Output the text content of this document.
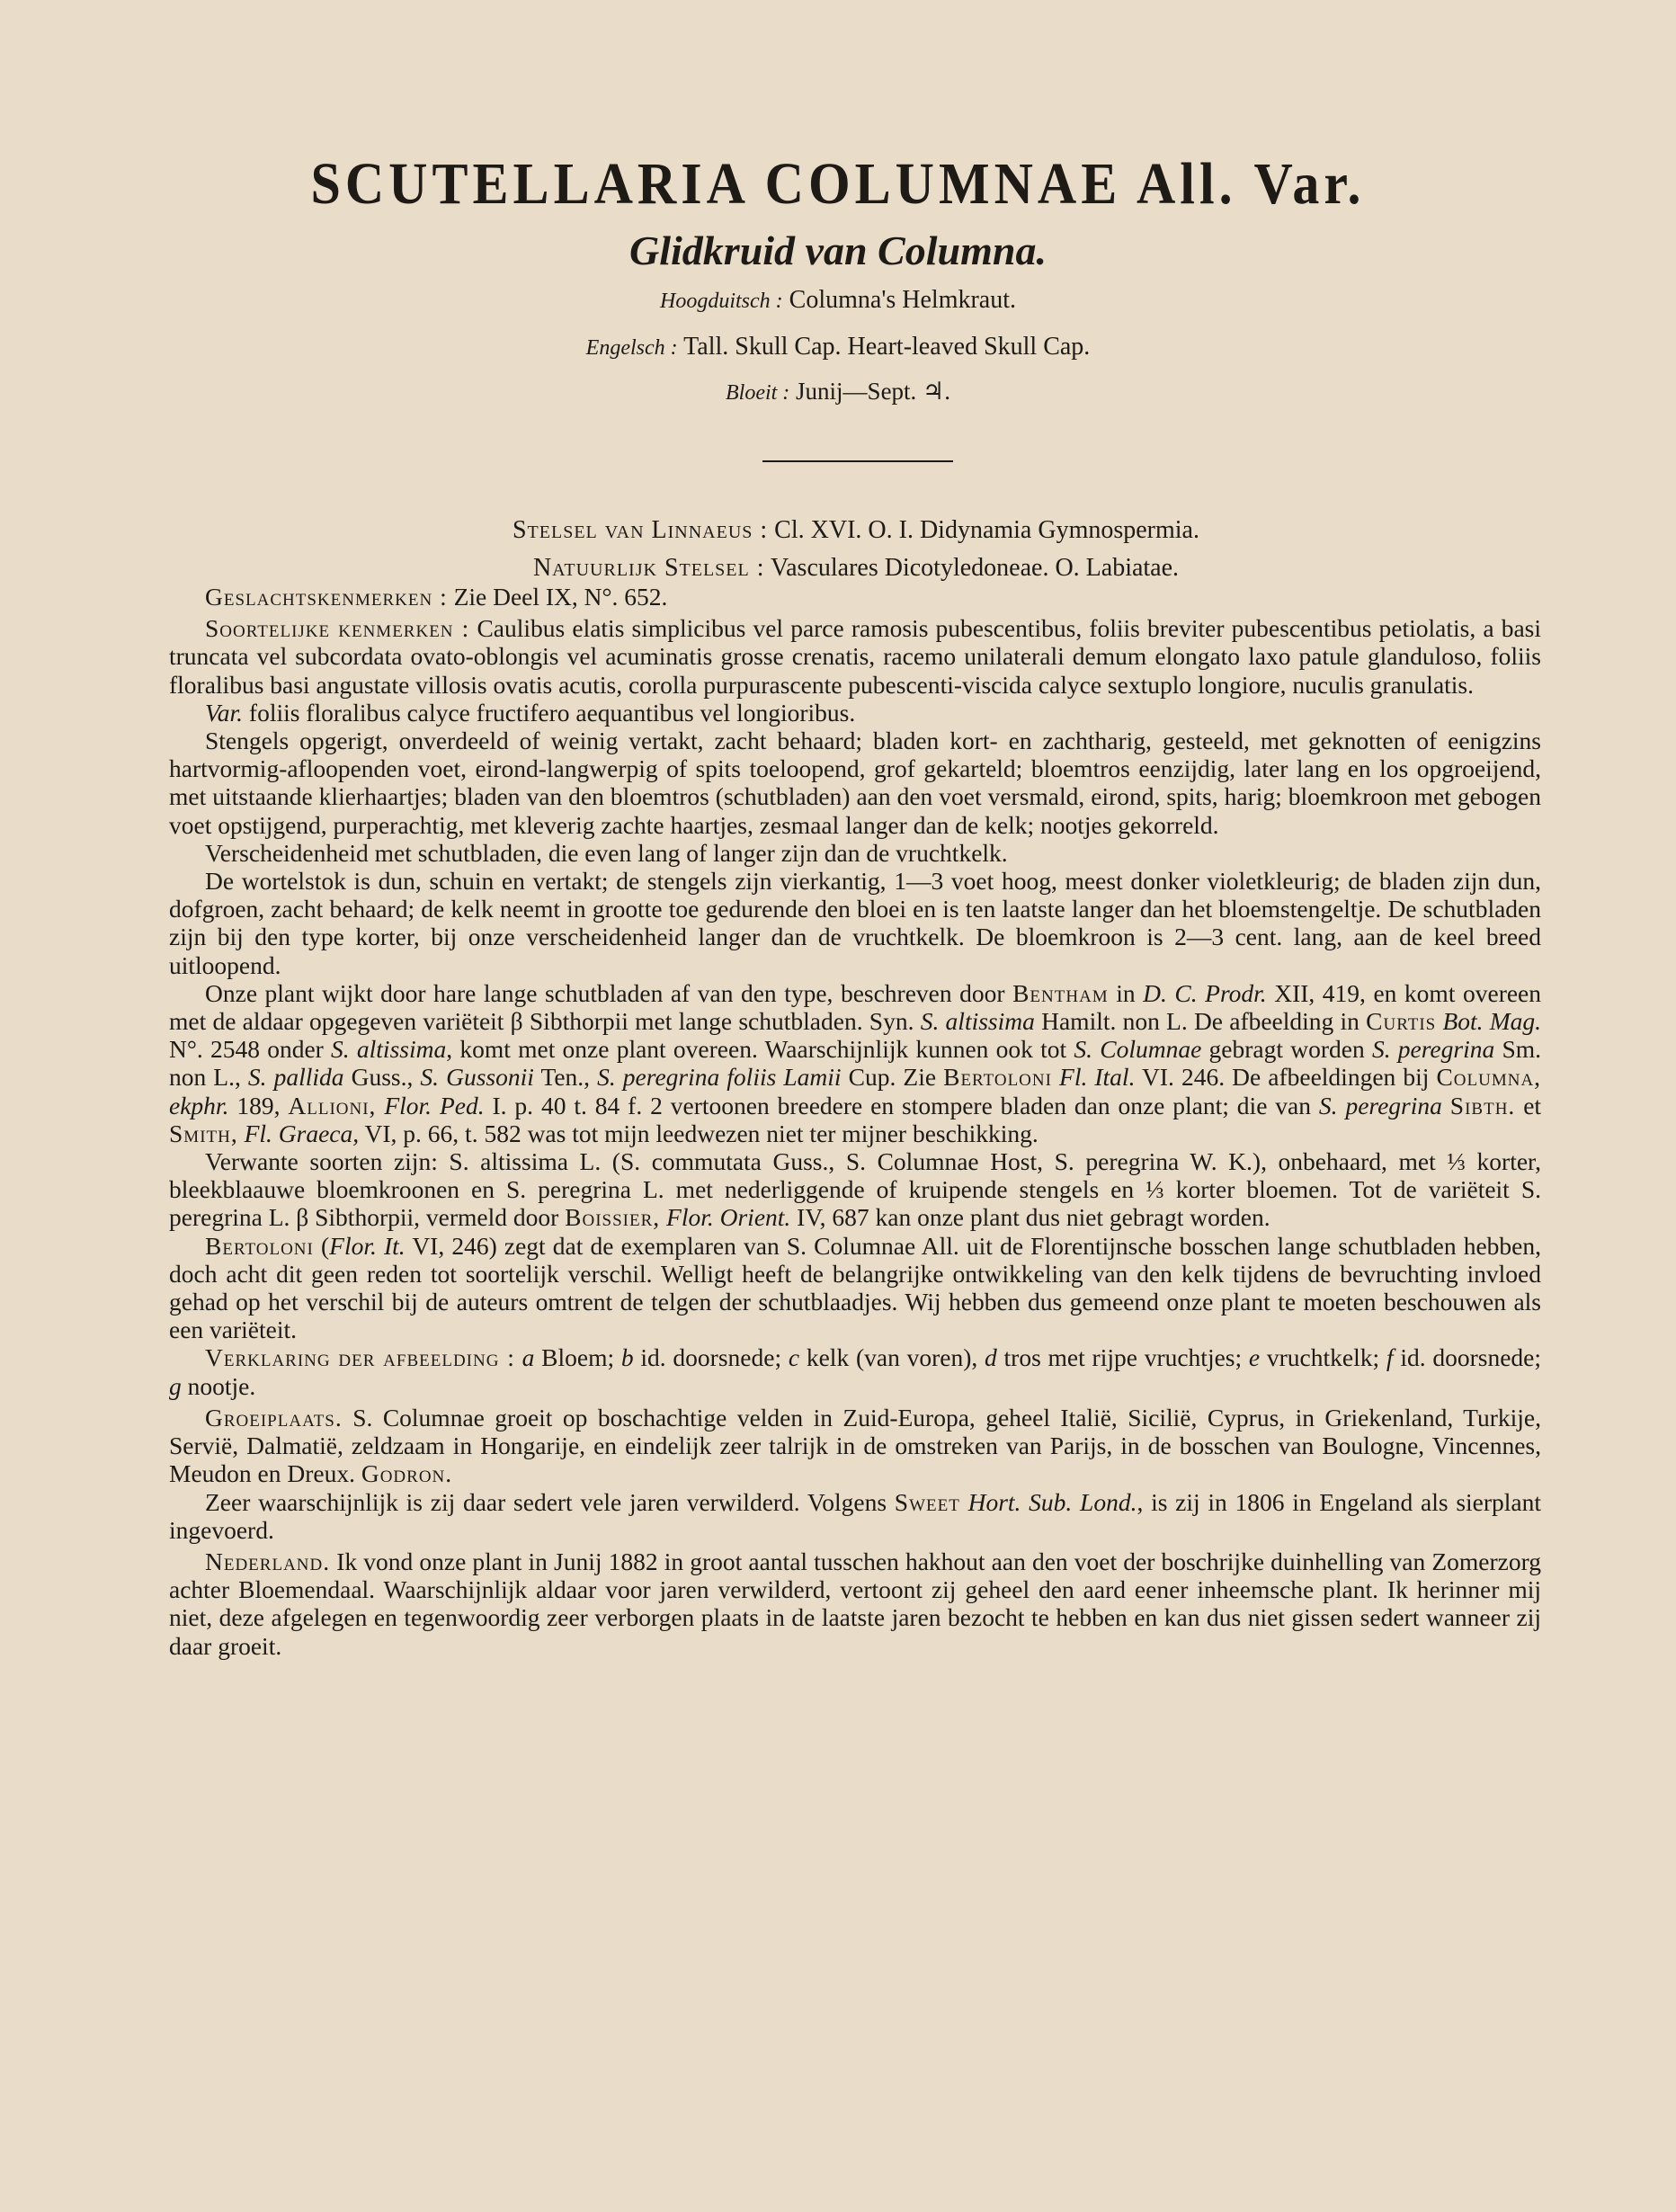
SCUTELLARIA COLUMNAE All. Var.
Glidkruid van Columna.
Hoogduitsch : Columna's Helmkraut.
Engelsch : Tall. Skull Cap. Heart-leaved Skull Cap.
Bloeit : Junij—Sept. ♃.
Stelsel van Linnaeus : Cl. XVI. O. I. Didynamia Gymnospermia.
Natuurlijk Stelsel : Vasculares Dicotyledoneae. O. Labiatae.

Geslachtskenmerken : Zie Deel IX, N°. 652.

Soortelijke kenmerken : Caulibus elatis simplicibus vel parce ramosis pubescentibus, foliis breviter pubescentibus petiolatis, a basi truncata vel subcordata ovato-oblongis vel acuminatis grosse crenatis, racemo unilaterali demum elongato laxo patule glanduloso, foliis floralibus basi angustate villosis ovatis acutis, corolla purpurascente pubescenti-viscida calyce sextuplo longiore, nuculis granulatis.

Var. foliis floralibus calyce fructifero aequantibus vel longioribus.

Stengels opgerigt, onverdeeld of weinig vertakt, zacht behaard; bladen kort- en zachtharig, gesteeld, met geknotten of eenigzins hartvormig-afloopenden voet, eirond-langwerpig of spits toeloopend, grof gekarteld; bloemtros eenzijdig, later lang en los opgroeijend, met uitstaande klierhaartjes; bladen van den bloemtros (schutbladen) aan den voet versmald, eirond, spits, harig; bloemkroon met gebogen voet opstijgend, purperachtig, met kleverig zachte haartjes, zesmaal langer dan de kelk; nootjes gekorreld.

Verscheidenheid met schutbladen, die even lang of langer zijn dan de vruchtkelk.

De wortelstok is dun, schuin en vertakt; de stengels zijn vierkantig, 1—3 voet hoog, meest donker violetkleurig; de bladen zijn dun, dofgroen, zacht behaard; de kelk neemt in grootte toe gedurende den bloei en is ten laatste langer dan het bloemstengeltje. De schutbladen zijn bij den type korter, bij onze verscheidenheid langer dan de vruchtkelk. De bloemkroon is 2—3 cent. lang, aan de keel breed uitloopend.

Onze plant wijkt door hare lange schutbladen af van den type, beschreven door Bentham in D. C. Prodr. XII, 419, en komt overeen met de aldaar opgegeven variëteit β Sibthorpii met lange schutbladen. Syn. S. altissima Hamilt. non L. De afbeelding in Curtis Bot. Mag. N°. 2548 onder S. altissima, komt met onze plant overeen. Waarschijnlijk kunnen ook tot S. Columnae gebragt worden S. peregrina Sm. non L., S. pallida Guss., S. Gussonii Ten., S. peregrina foliis Lamii Cup. Zie Bertoloni Fl. Ital. VI. 246. De afbeeldingen bij Columna, ekphr. 189, Allioni, Flor. Ped. I. p. 40 t. 84 f. 2 vertoonen breedere en stompere bladen dan onze plant; die van S. peregrina Sibth. et Smith, Fl. Graeca, VI, p. 66, t. 582 was tot mijn leedwezen niet ter mijner beschikking.

Verwante soorten zijn: S. altissima L. (S. commutata Guss., S. Columnae Host, S. peregrina W. K.), onbehaard, met ⅓ korter, bleekblaauwe bloemkroonen en S. peregrina L. met nederliggende of kruipende stengels en ⅓ korter bloemen. Tot de variëteit S. peregrina L. β Sibthorpii, vermeld door Boissier, Flor. Orient. IV, 687 kan onze plant dus niet gebragt worden.

Bertoloni (Flor. It. VI, 246) zegt dat de exemplaren van S. Columnae All. uit de Florentijnsche bosschen lange schutbladen hebben, doch acht dit geen reden tot soortelijk verschil. Welligt heeft de belangrijke ontwikkeling van den kelk tijdens de bevruchting invloed gehad op het verschil bij de auteurs omtrent de telgen der schutblaadjes. Wij hebben dus gemeend onze plant te moeten beschouwen als een variëteit.

Verklaring der afbeelding : a Bloem; b id. doorsnede; c kelk (van voren), d tros met rijpe vruchtjes; e vruchtkelk; f id. doorsnede; g nootje.

Groeiplaats. S. Columnae groeit op boschachtige velden in Zuid-Europa, geheel Italië, Sicilië, Cyprus, in Griekenland, Turkije, Servië, Dalmatië, zeldzaam in Hongarije, en eindelijk zeer talrijk in de omstreken van Parijs, in de bosschen van Boulogne, Vincennes, Meudon en Dreux. Godron.

Zeer waarschijnlijk is zij daar sedert vele jaren verwilderd. Volgens Sweet Hort. Sub. Lond., is zij in 1806 in Engeland als sierplant ingevoerd.

Nederland. Ik vond onze plant in Junij 1882 in groot aantal tusschen hakhout aan den voet der boschrijke duinhelling van Zomerzorg achter Bloemendaal. Waarschijnlijk aldaar voor jaren verwilderd, vertoont zij geheel den aard eener inheemsche plant. Ik herinner mij niet, deze afgelegen en tegenwoordig zeer verborgen plaats in de laatste jaren bezocht te hebben en kan dus niet gissen sedert wanneer zij daar groeit.
